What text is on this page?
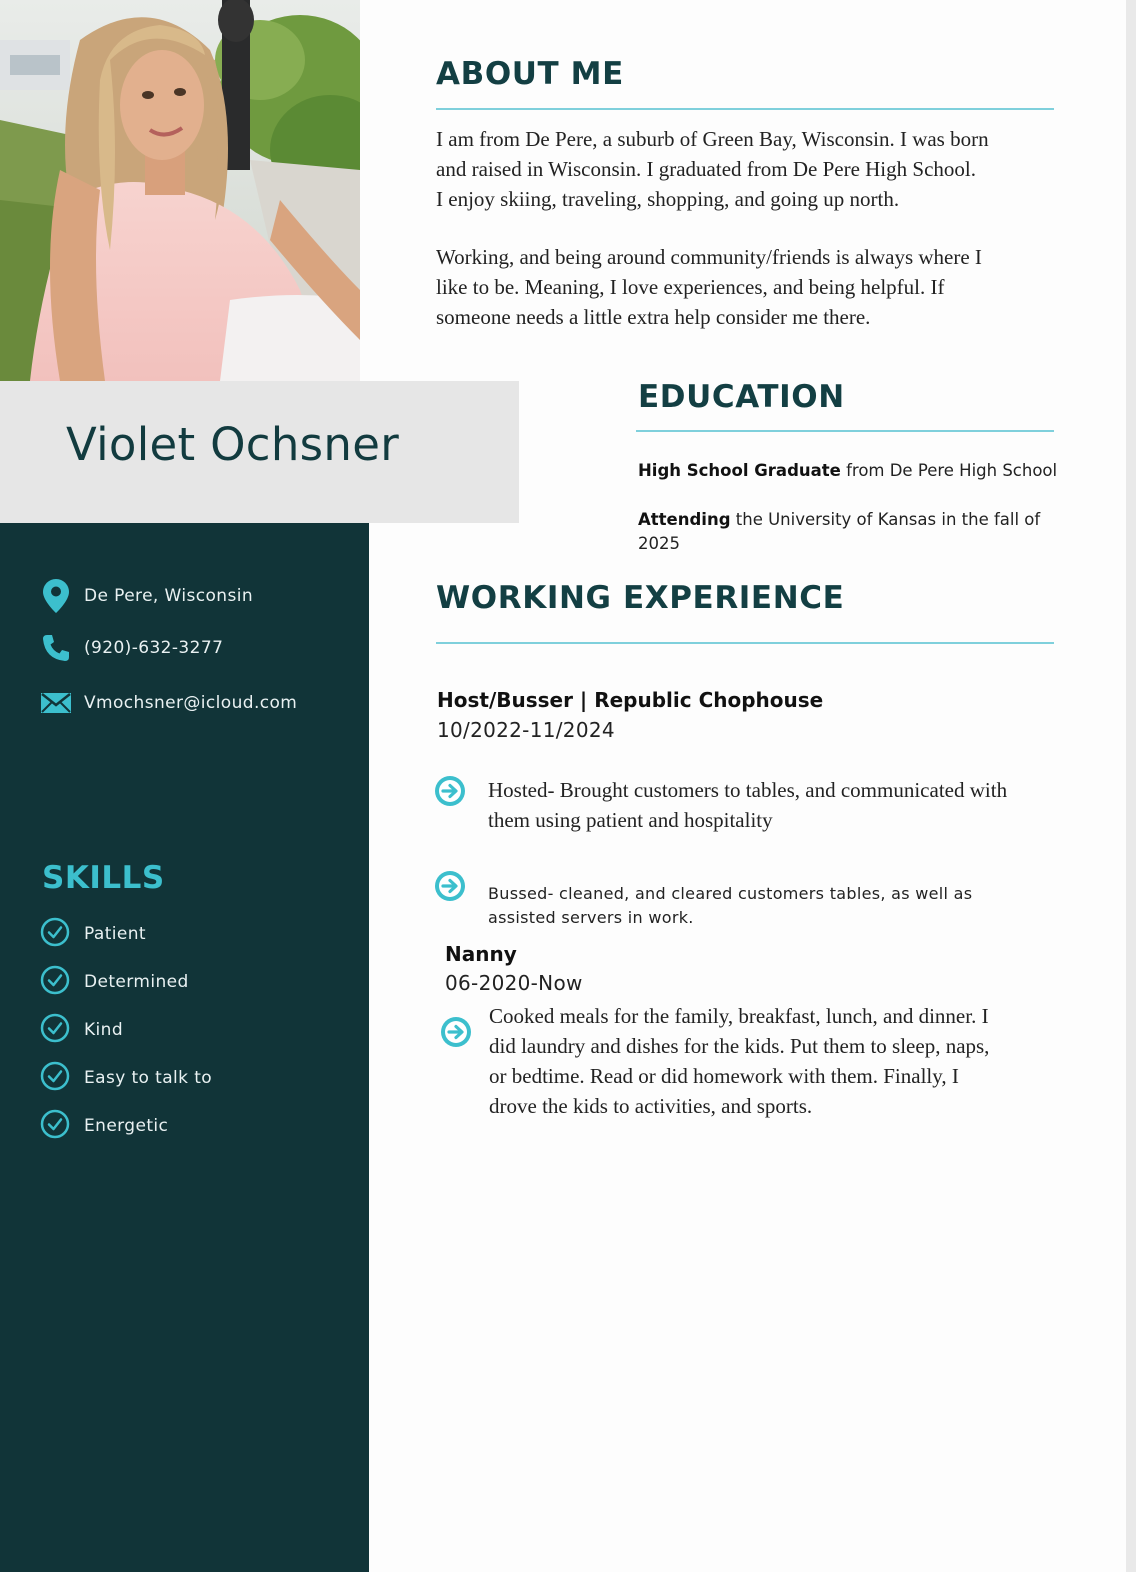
Violet Ochsner
De Pere, Wisconsin
(920)-632-3277
Vmochsner@icloud.com
SKILLS
Patient
Determined
Kind
Easy to talk to
Energetic
ABOUT ME
I am from De Pere, a suburb of Green Bay, Wisconsin. I was born
and raised in Wisconsin. I graduated from De Pere High School.
I enjoy skiing, traveling, shopping, and going up north.
Working, and being around community/friends is always where I
like to be. Meaning, I love experiences, and being helpful. If
someone needs a little extra help consider me there.
EDUCATION
High School Graduate from De Pere High School
Attending the University of Kansas in the fall of 2025
WORKING EXPERIENCE
Host/Busser | Republic Chophouse
10/2022-11/2024
Hosted- Brought customers to tables, and communicated with
them using patient and hospitality
Bussed- cleaned, and cleared customers tables, as well as
assisted servers in work.
Nanny
06-2020-Now
Cooked meals for the family, breakfast, lunch, and dinner. I
did laundry and dishes for the kids. Put them to sleep, naps,
or bedtime. Read or did homework with them. Finally, I
drove the kids to activities, and sports.
